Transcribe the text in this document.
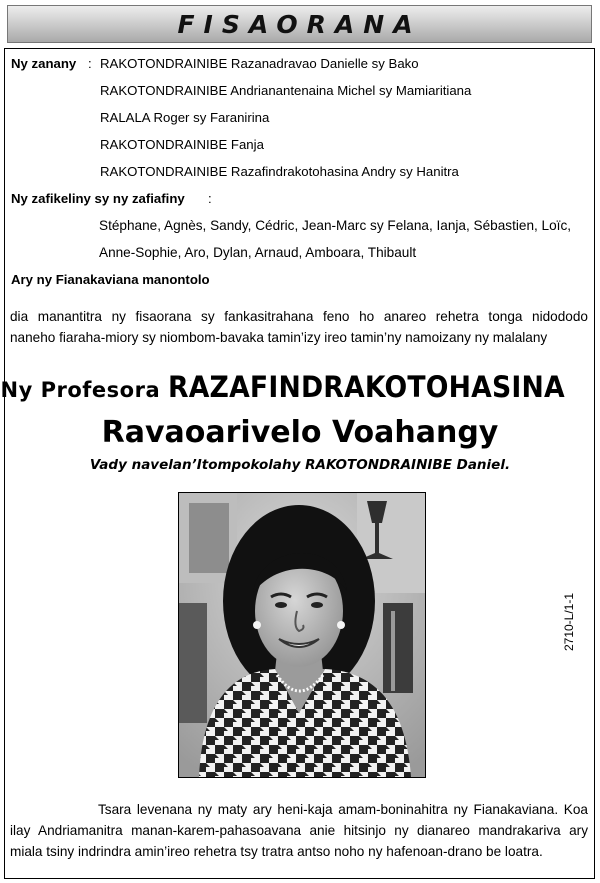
FISAORANA
Ny zanany : RAKOTONDRAINIBE Razanadravao Danielle sy Bako
RAKOTONDRAINIBE Andrianantenaina Michel sy Mamiaritiana
RALALA Roger sy Faranirina
RAKOTONDRAINIBE Fanja
RAKOTONDRAINIBE Razafindrakotohasina Andry sy Hanitra
Ny zafikeliny sy ny zafiafiny :
Stéphane, Agnès, Sandy, Cédric, Jean-Marc sy Felana, Ianja, Sébastien, Loïc,
Anne-Sophie, Aro, Dylan, Arnaud, Amboara, Thibault
Ary ny Fianakaviana manontolo
dia manantitra ny fisaorana sy fankasitrahana feno ho anareo rehetra tonga nidododo
naneho fiaraha-miory sy niombom-bavaka tamin’izy ireo tamin’ny namoizany ny malalany
Ny Profesora RAZAFINDRAKOTOHASINA
Ravaoarivelo Voahangy
Vady navelan’Itompokolahy RAKOTONDRAINIBE Daniel.
2710-L/1-1
Tsara levenana ny maty ary heni-kaja amam-boninahitra ny Fianakaviana. Koa
ilay Andriamanitra manan-karem-pahasoavana anie hitsinjo ny dianareo mandrakariva ary
miala tsiny indrindra amin’ireo rehetra tsy tratra antso noho ny hafenoan-drano be loatra.
